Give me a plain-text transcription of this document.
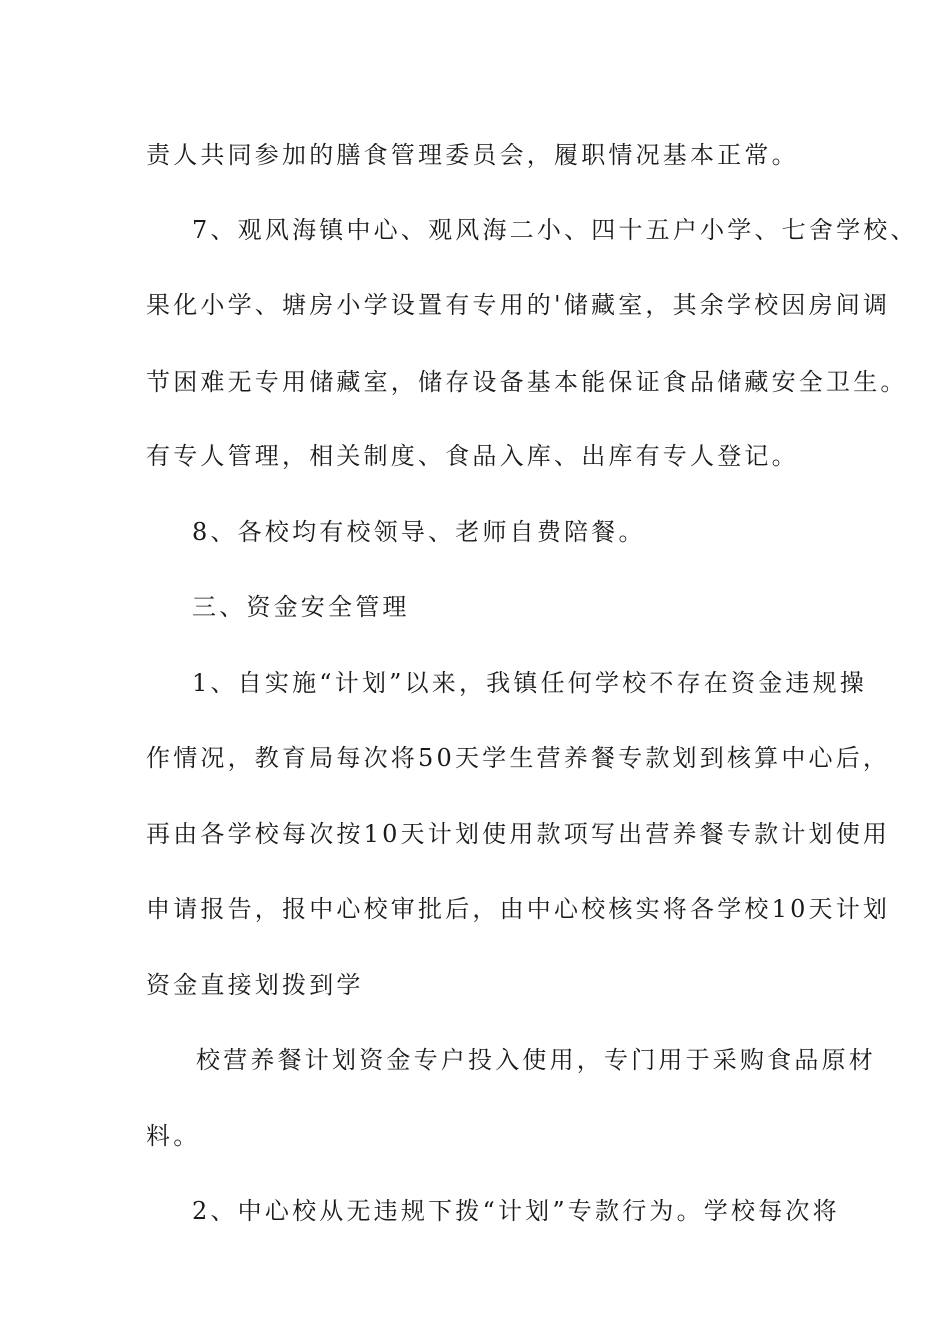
责人共同参加的膳食管理委员会，履职情况基本正常。
7、观风海镇中心、观风海二小、四十五户小学、七舍学校、
果化小学、塘房小学设置有专用的'储藏室，其余学校因房间调
节困难无专用储藏室，储存设备基本能保证食品储藏安全卫生。
有专人管理，相关制度、食品入库、出库有专人登记。
8、各校均有校领导、老师自费陪餐。
三、资金安全管理
1、自实施“计划”以来，我镇任何学校不存在资金违规操
作情况，教育局每次将50天学生营养餐专款划到核算中心后，
再由各学校每次按10天计划使用款项写出营养餐专款计划使用
申请报告，报中心校审批后，由中心校核实将各学校10天计划
资金直接划拨到学
校营养餐计划资金专户投入使用，专门用于采购食品原材
料。
2、中心校从无违规下拨“计划”专款行为。学校每次将
